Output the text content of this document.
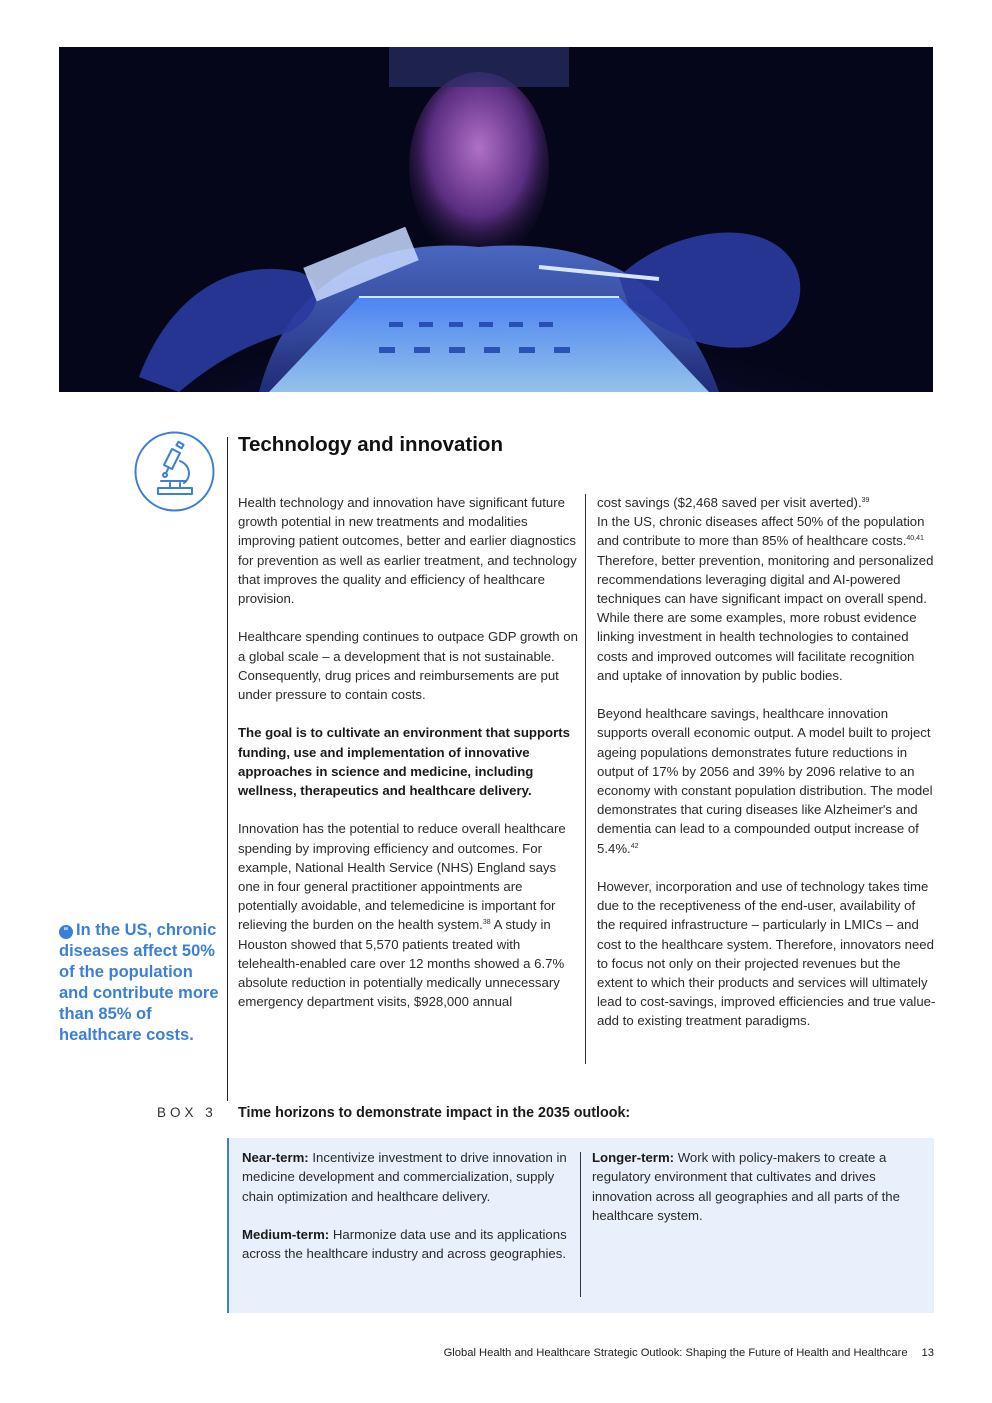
Technology and innovation

Health technology and innovation have significant future growth potential in new treatments and modalities improving patient outcomes, better and earlier diagnostics for prevention as well as earlier treatment, and technology that improves the quality and efficiency of healthcare provision.

Healthcare spending continues to outpace GDP growth on a global scale – a development that is not sustainable. Consequently, drug prices and reimbursements are put under pressure to contain costs.

The goal is to cultivate an environment that supports funding, use and implementation of innovative approaches in science and medicine, including wellness, therapeutics and healthcare delivery.

Innovation has the potential to reduce overall healthcare spending by improving efficiency and outcomes. For example, National Health Service (NHS) England says one in four general practitioner appointments are potentially avoidable, and telemedicine is important for relieving the burden on the health system.$^{38}$ A study in Houston showed that 5,570 patients treated with telehealth-enabled care over 12 months showed a 6.7% absolute reduction in potentially medically unnecessary emergency department visits, $928,000 annual

cost savings ($2,468 saved per visit averted).$^{39}$

In the US, chronic diseases affect 50% of the population and contribute to more than 85% of healthcare costs.$^{40,41}$ Therefore, better prevention, monitoring and personalized recommendations leveraging digital and AI-powered techniques can have significant impact on overall spend. While there are some examples, more robust evidence linking investment in health technologies to contained costs and improved outcomes will facilitate recognition and uptake of innovation by public bodies.

Beyond healthcare savings, healthcare innovation supports overall economic output. A model built to project ageing populations demonstrates future reductions in output of 17% by 2056 and 39% by 2096 relative to an economy with constant population distribution. The model demonstrates that curing diseases like Alzheimer's and dementia can lead to a compounded output increase of 5.4%.$^{42}$

However, incorporation and use of technology takes time due to the receptiveness of the end-user, availability of the required infrastructure – particularly in LMICs – and cost to the healthcare system. Therefore, innovators need to focus not only on their projected revenues but the extent to which their products and services will ultimately lead to cost-savings, improved efficiencies and true value-add to existing treatment paradigms.

“ In the US, chronic diseases affect 50% of the population and contribute more than 85% of healthcare costs.
BOX 3 Time horizons to demonstrate impact in the 2035 outlook:

Near-term: Incentivize investment to drive innovation in medicine development and commercialization, supply chain optimization and healthcare delivery.

Medium-term: Harmonize data use and its applications across the healthcare industry and across geographies.

Longer-term: Work with policy-makers to create a regulatory environment that cultivates and drives innovation across all geographies and all parts of the healthcare system.

Global Health and Healthcare Strategic Outlook: Shaping the Future of Health and Healthcare 13
